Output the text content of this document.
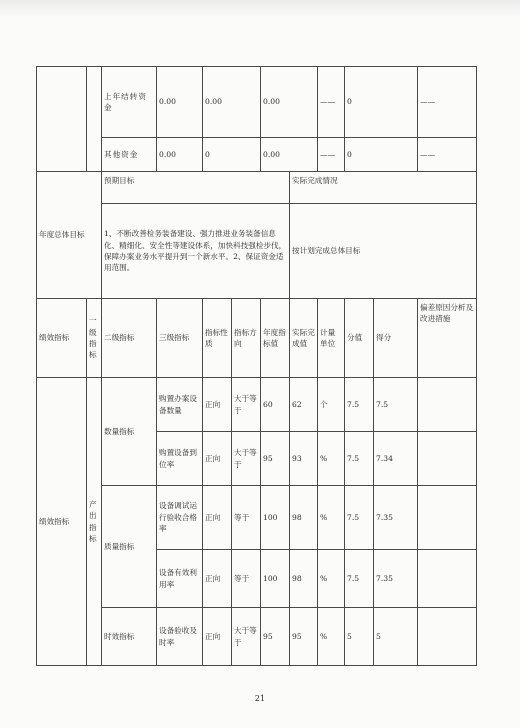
		上年结转资金	0.00	0.00		0.00		——	0		——
		其他资金	0.00	0		0.00		——	0		——
年度总体目标		预期目标					实际完成情况				
		1、不断改善检务装备建设、强力推进业务装备信息化、精细化、安全性等建设体系，加快科技强检步伐，保障办案业务水平提升到一个新水平。2、保证资金适用范围。					按计划完成总体目标				
绩效指标	一级指标	二级指标	三级指标	指标性质	指标方向	年度指标值	实际完成值	计量单位	分值	得分	偏差原因分析及改进措施
绩效指标	产出指标	数量指标	购置办案设备数量	正向	大于等于	60	62	个	7.5	7.5	
			购置设备到位率	正向	大于等于	95	93	%	7.5	7.34	
		质量指标	设备调试运行验收合格率	正向	等于	100	98	%	7.5	7.35	
			设备有效利用率	正向	等于	100	98	%	7.5	7.35	
		时效指标	设备验收及时率	正向	大于等于	95	95	%	5	5	
21
